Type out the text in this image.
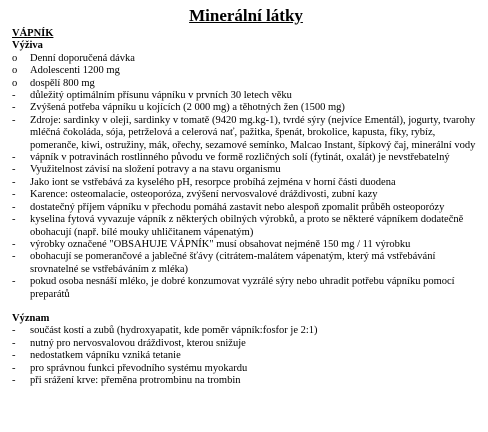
Minerální látky
VÁPNÍK
Výživa
o	Denní doporučená dávka
o	Adolescenti 1200 mg
o	dospělí 800 mg
-	důležitý optimálním přísunu vápníku v prvních 30 letech věku
-	Zvýšená potřeba vápníku u kojících (2 000 mg) a těhotných žen (1500 mg)
-	Zdroje: sardinky v oleji, sardinky v tomatě (9420 mg.kg-1), tvrdé sýry (nejvíce Ementál), jogurty, tvarohy mléčná čokoláda, sója, petrželová a celerová nať, pažitka, špenát, brokolice, kapusta, fíky, rybíz, pomeranče, kiwi, ostružiny, mák, ořechy, sezamové semínko, Malcao Instant, šípkový čaj, minerální vody
-	vápník v potravinách rostlinného původu ve formě rozličných solí (fytinát, oxalát) je nevstřebatelný
-	Využitelnost závisí na složení potravy a na stavu organismu
-	Jako iont se vstřebává za kyselého pH, resorpce probíhá zejména v horní části duodena
-	Karence: osteomalacie, osteoporóza, zvýšení nervosvalové dráždivosti, zubní kazy
-	dostatečný příjem vápníku v přechodu pomáhá zastavit nebo alespoň zpomalit průběh osteoporózy
-	kyselina fytová vyvazuje vápník z některých obilných výrobků, a proto se některé vápníkem dodatečně obohacují (např. bílé mouky uhličitanem vápenatým)
-	výrobky označené "OBSAHUJE VÁPNÍK" musí obsahovat nejméně 150 mg / 11 výrobku
-	obohacují se pomerančové a jablečné šťávy (citrátem-malátem vápenatým, který má vstřebávání srovnatelné se vstřebáváním z mléka)
-	pokud osoba nesnáší mléko, je dobré konzumovat vyzrálé sýry nebo uhradit potřebu vápníku pomocí preparátů
Význam
-	součást kostí a zubů (hydroxyapatit, kde poměr vápník:fosfor je 2:1)
-	nutný pro nervosvalovou dráždivost, kterou snižuje
-	nedostatkem vápníku vzniká tetanie
-	pro správnou funkci převodního systému myokardu
-	při srážení krve: přeměna protrombinu na trombin
